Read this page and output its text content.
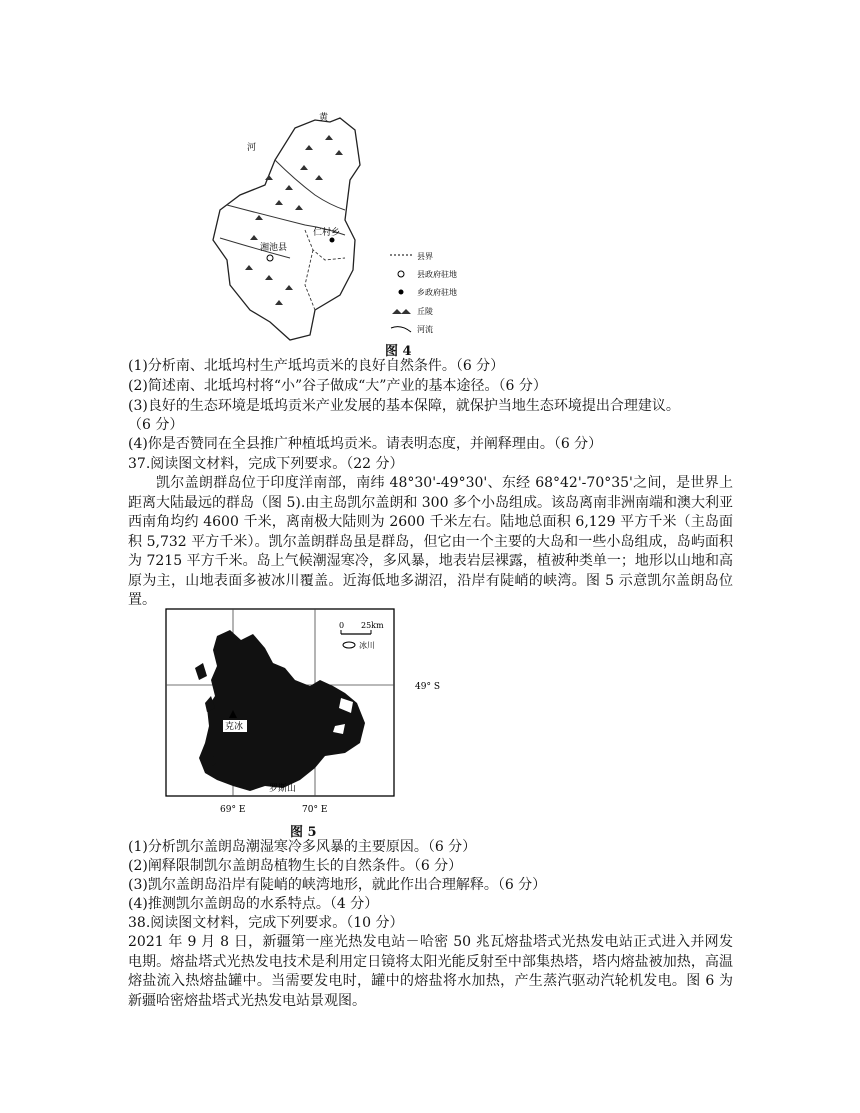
黄
河
仁村乡
湘池县
县界
县政府驻地
乡政府驻地
丘陵
河流
图 4
(1)分析南、北坻坞村生产坻坞贡米的良好自然条件。（6 分）
(2)简述南、北坻坞村将“小”谷子做成“大”产业的基本途径。（6 分）
(3)良好的生态环境是坻坞贡米产业发展的基本保障，就保护当地生态环境提出合理建议。
（6 分）
(4)你是否赞同在全县推广种植坻坞贡米。请表明态度，并阐释理由。（6 分）
37.阅读图文材料，完成下列要求。（22 分）

凯尔盖朗群岛位于印度洋南部，南纬 48°30'-49°30'、东经 68°42'-70°35'之间，是世界上距离大陆最远的群岛（图 5).由主岛凯尔盖朗和 300 多个小岛组成。该岛离南非洲南端和澳大利亚西南角均约 4600 千米，离南极大陆则为 2600 千米左右。陆地总面积 6,129 平方千米（主岛面积 5,732 平方千米）。凯尔盖朗群岛虽是群岛，但它由一个主要的大岛和一些小岛组成，岛屿面积为 7215 平方千米。岛上气候潮湿寒冷，多风暴，地表岩层裸露，植被种类单一；地形以山地和高原为主，山地表面多被冰川覆盖。近海低地多湖沼，沿岸有陡峭的峡湾。图 5 示意凯尔盖朗岛位置。

克冰
罗斯山
0 25km
冰川
49° S
69° E	70° E
图 5
(1)分析凯尔盖朗岛潮湿寒冷多风暴的主要原因。（6 分）
(2)阐释限制凯尔盖朗岛植物生长的自然条件。（6 分）
(3)凯尔盖朗岛沿岸有陡峭的峡湾地形，就此作出合理解释。（6 分）
(4)推测凯尔盖朗岛的水系特点。（4 分）
38.阅读图文材料，完成下列要求。（10 分）

2021 年 9 月 8 日，新疆第一座光热发电站－哈密 50 兆瓦熔盐塔式光热发电站正式进入并网发电期。熔盐塔式光热发电技术是利用定日镜将太阳光能反射至中部集热塔，塔内熔盐被加热，高温熔盐流入热熔盐罐中。当需要发电时，罐中的熔盐将水加热，产生蒸汽驱动汽轮机发电。图 6 为新疆哈密熔盐塔式光热发电站景观图。
